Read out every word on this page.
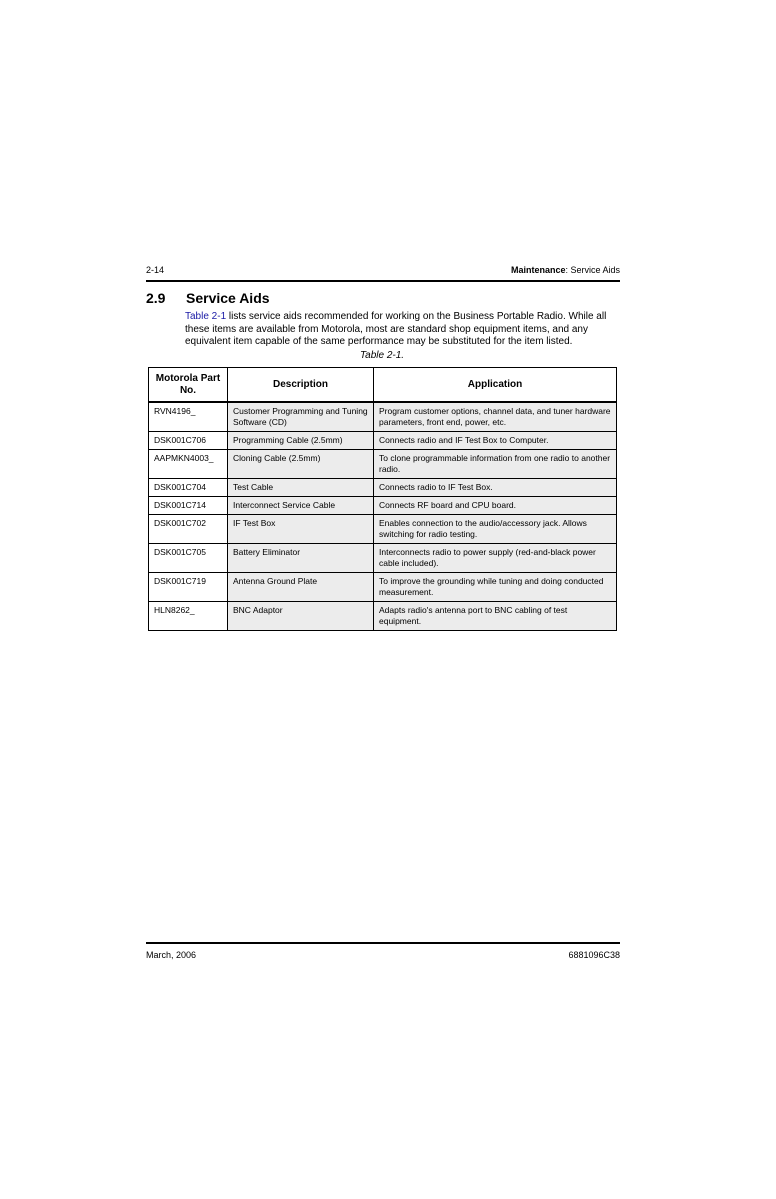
2-14	Maintenance: Service Aids
2.9 Service Aids
Table 2-1 lists service aids recommended for working on the Business Portable Radio. While all these items are available from Motorola, most are standard shop equipment items, and any equivalent item capable of the same performance may be substituted for the item listed.
Table 2-1.
Motorola Part No.	Description	Application
RVN4196_	Customer Programming and Tuning Software (CD)	Program customer options, channel data, and tuner hardware parameters, front end, power, etc.
DSK001C706	Programming Cable (2.5mm)	Connects radio and IF Test Box to Computer.
AAPMKN4003_	Cloning Cable (2.5mm)	To clone programmable information from one radio to another radio.
DSK001C704	Test Cable	Connects radio to IF Test Box.
DSK001C714	Interconnect Service Cable	Connects RF board and CPU board.
DSK001C702	IF Test Box	Enables connection to the audio/accessory jack. Allows switching for radio testing.
DSK001C705	Battery Eliminator	Interconnects radio to power supply (red-and-black power cable included).
DSK001C719	Antenna Ground Plate	To improve the grounding while tuning and doing conducted measurement.
HLN8262_	BNC Adaptor	Adapts radio's antenna port to BNC cabling of test equipment.
March, 2006	6881096C38
